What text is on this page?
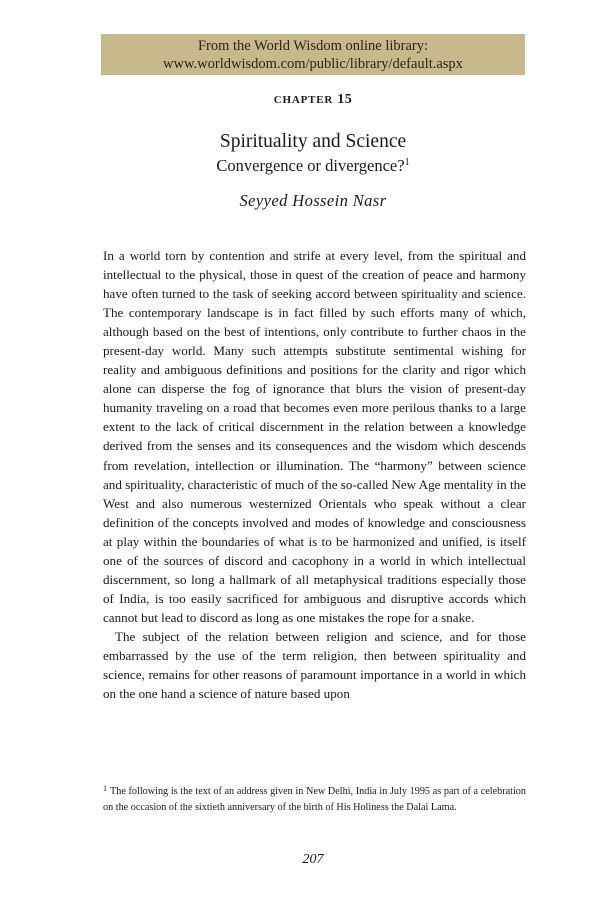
From the World Wisdom online library:
www.worldwisdom.com/public/library/default.aspx
CHAPTER 15
Spirituality and Science
Convergence or divergence?$^1$
Seyyed Hossein Nasr

In a world torn by contention and strife at every level, from the spiritual and intellectual to the physical, those in quest of the creation of peace and harmony have often turned to the task of seeking accord between spirituality and science. The contemporary landscape is in fact filled by such efforts many of which, although based on the best of intentions, only contribute to further chaos in the present-day world. Many such attempts substitute sentimental wishing for reality and ambiguous definitions and positions for the clarity and rigor which alone can disperse the fog of ignorance that blurs the vision of present-day humanity traveling on a road that becomes even more perilous thanks to a large extent to the lack of critical discernment in the relation between a knowledge derived from the senses and its consequences and the wisdom which descends from revelation, intellection or illumination. The “harmony” between science and spirituality, characteristic of much of the so-called New Age mentality in the West and also numerous westernized Orientals who speak without a clear definition of the concepts involved and modes of knowledge and consciousness at play within the boundaries of what is to be harmonized and unified, is itself one of the sources of discord and cacophony in a world in which intellectual discernment, so long a hallmark of all metaphysical traditions especially those of India, is too easily sacrificed for ambiguous and disruptive accords which cannot but lead to discord as long as one mistakes the rope for a snake.

The subject of the relation between religion and science, and for those embarrassed by the use of the term religion, then between spirituality and science, remains for other reasons of paramount importance in a world in which on the one hand a science of nature based upon

$^1$ The following is the text of an address given in New Delhi, India in July 1995 as part of a celebration on the occasion of the sixtieth anniversary of the birth of His Holiness the Dalai Lama.
207
